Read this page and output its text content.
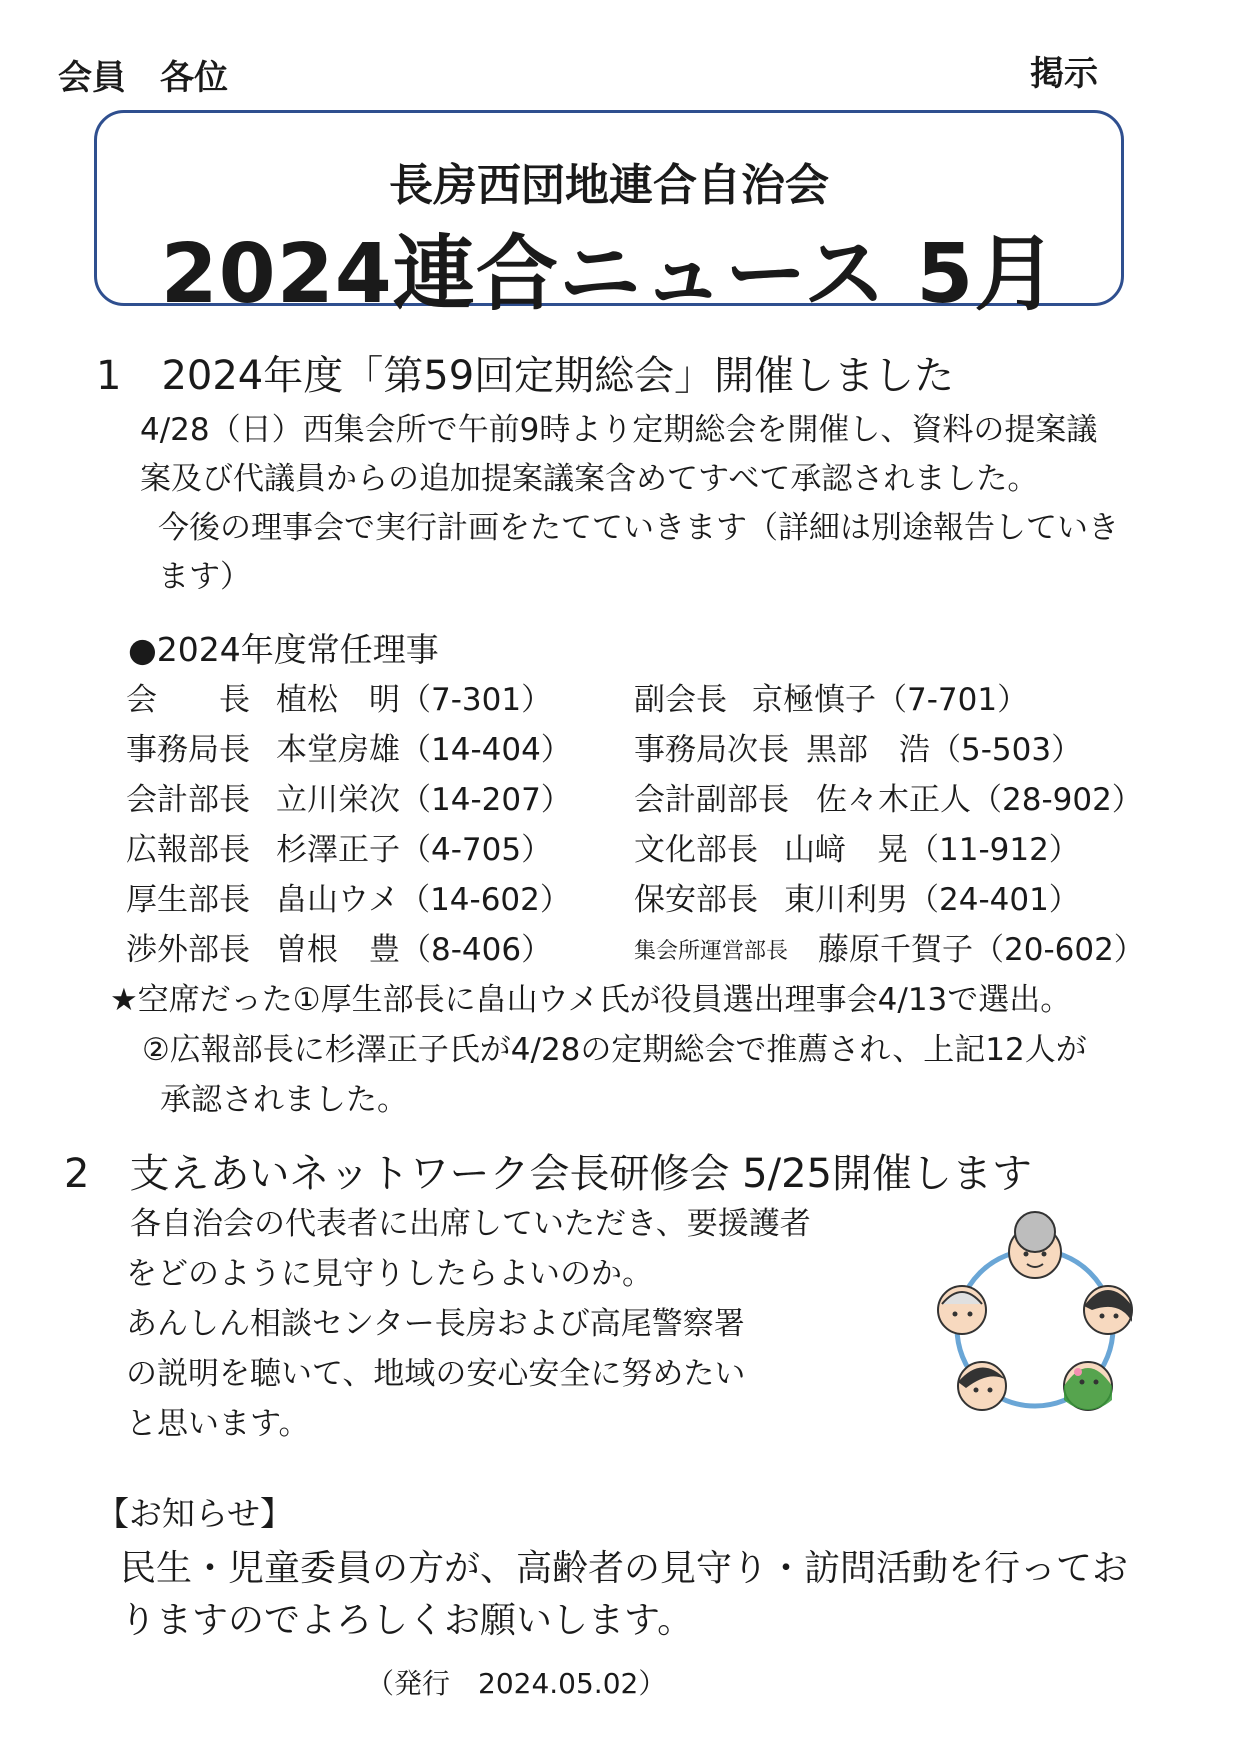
会員　各位	掲示
長房西団地連合自治会
2024連合ニュース 5月
1　2024年度「第59回定期総会」開催しました
4/28（日）西集会所で午前9時より定期総会を開催し、資料の提案議
案及び代議員からの追加提案議案含めてすべて承認されました。
今後の理事会で実行計画をたてていきます（詳細は別途報告していき
ます）
●2024年度常任理事
会　　長 植松　明（7-301）
事務局長 本堂房雄（14-404）
会計部長 立川栄次（14-207）
広報部長 杉澤正子（4-705）
厚生部長 畠山ウメ（14-602）
渉外部長 曽根　豊（8-406）
副会長 京極慎子（7-701）
事務局次長 黒部　浩（5-503）
会計副部長 佐々木正人（28-902）
文化部長 山﨑　晃（11-912）
保安部長 東川利男（24-401）
集会所運営部長 藤原千賀子（20-602）
★空席だった①厚生部長に畠山ウメ氏が役員選出理事会4/13で選出。
②広報部長に杉澤正子氏が4/28の定期総会で推薦され、上記12人が
承認されました。
2　支えあいネットワーク会長研修会 5/25開催します
各自治会の代表者に出席していただき、要援護者
をどのように見守りしたらよいのか。
あんしん相談センター長房および高尾警察署
の説明を聴いて、地域の安心安全に努めたい
と思います。
【お知らせ】
民生・児童委員の方が、高齢者の見守り・訪問活動を行ってお
りますのでよろしくお願いします。
（発行　2024.05.02）
